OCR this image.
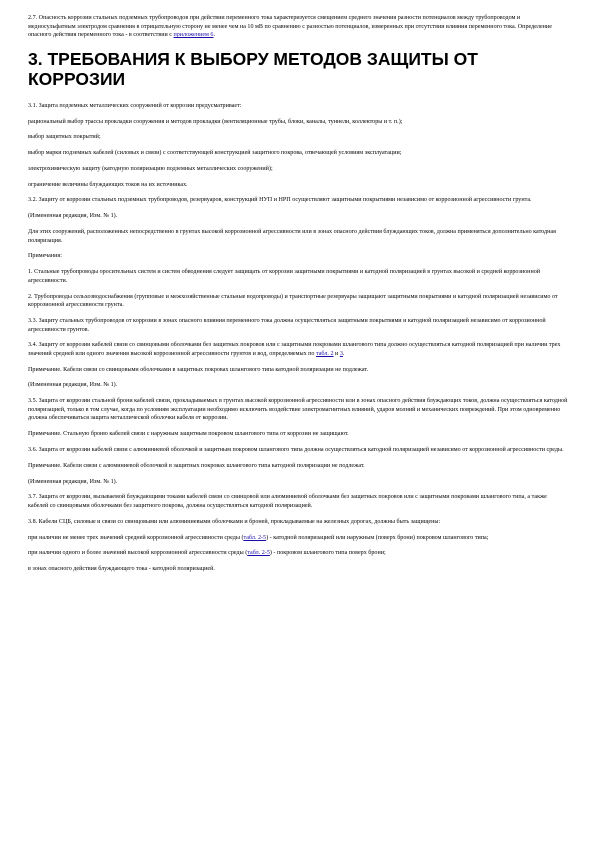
2.7. Опасность коррозии стальных подземных трубопроводов при действии переменного тока характеризуется смещением среднего значения разности потенциалов между трубопроводом и медносульфатным электродом сравнения в отрицательную сторону не менее чем на 10 мВ по сравнению с разностью потенциалов, измеренных при отсутствии влияния переменного тока. Определение опасного действия переменного тока - в соответствии с приложением 6.

3. ТРЕБОВАНИЯ К ВЫБОРУ МЕТОДОВ ЗАЩИТЫ ОТ КОРРОЗИИ

3.1. Защита подземных металлических сооружений от коррозии предусматривает:

рациональный выбор трассы прокладки сооружения и методов прокладки (вентиляционные трубы, блоки, каналы, туннели, коллекторы и т. п.);

выбор защитных покрытий;

выбор марки подземных кабелей (силовых и связи) с соответствующей конструкцией защитного покрова, отвечающей условиям эксплуатации;

электрохимическую защиту (катодную поляризацию подземных металлических сооружений);

ограничение величины блуждающих токов на их источниках.

3.2. Защиту от коррозии стальных подземных трубопроводов, резервуаров, конструкций НУП и НРП осуществляют защитными покрытиями независимо от коррозионной агрессивности грунта.

(Измененная редакция, Изм. № 1).

Для этих сооружений, расположенных непосредственно в грунтах высокой коррозионной агрессивности или в зонах опасного действия блуждающих токов, должна применяться дополнительно катодная поляризация.

Примечания:

1. Стальные трубопроводы оросительных систем и систем обводнения следует защищать от коррозии защитными покрытиями и катодной поляризацией в грунтах высокой и средней коррозионной агрессивности.

2. Трубопроводы сельхозводоснабжения (групповые и межхозяйственные стальные водопроводы) и транспортные резервуары защищают защитными покрытиями и катодной поляризацией независимо от коррозионной агрессивности грунта.

3.3. Защиту стальных трубопроводов от коррозии в зонах опасного влияния переменного тока должна осуществляться защитными покрытиями и катодной поляризацией независимо от коррозионной агрессивности грунтов.

3.4. Защиту от коррозии кабелей связи со свинцовыми оболочками без защитных покровов или с защитными покровами шлангового типа должно осуществляться катодной поляризацией при наличии трех значений средней или одного значения высокой коррозионной агрессивности грунтов и вод, определяемых по табл. 2 и 3.

Примечание. Кабели связи со свинцовыми оболочками в защитных покровах шлангового типа катодной поляризации не подлежат.

(Измененная редакция, Изм. № 1).

3.5. Защита от коррозии стальной брони кабелей связи, прокладываемых в грунтах высокой коррозионной агрессивности или в зонах опасного действия блуждающих токов, должна осуществляться катодной поляризацией, только в том случае, когда по условиям эксплуатации необходимо исключить воздействие электромагнитных влияний, ударов молний и механических повреждений. При этом одновременно должна обеспечиваться защита металлической оболочки кабеля от коррозии.

Примечание. Стальную броню кабелей связи с наружным защитным покровом шлангового типа от коррозии не защищают.

3.6. Защита от коррозии кабелей связи с алюминиевой оболочкой и защитным покровом шлангового типа должна осуществляться катодной поляризацией независимо от коррозионной агрессивности среды.

Примечание. Кабели связи с алюминиевой оболочкой в защитных покровах шлангового типа катодной поляризации не подлежат.

(Измененная редакция, Изм. № 1).

3.7. Защита от коррозии, вызываемой блуждающими токами кабелей связи со свинцовой или алюминиевой оболочками без защитных покровов или с защитными покровами шлангового типа, а также кабелей со свинцовыми оболочками без защитного покрова, должна осуществляться катодной поляризацией.

3.8. Кабели СЦБ, силовые и связи со свинцовыми или алюминиевыми оболочками и броней, прокладываемые на железных дорогах, должны быть защищены:

при наличии не менее трех значений средней коррозионной агрессивности среды (табл. 2-5) - катодной поляризацией или наружным (поверх брони) покровом шлангового типа;

при наличии одного и более значений высокой коррозионной агрессивности среды (табл. 2-5) - покровом шлангового типа поверх брони;

в зонах опасного действия блуждающего тока - катодной поляризацией.
